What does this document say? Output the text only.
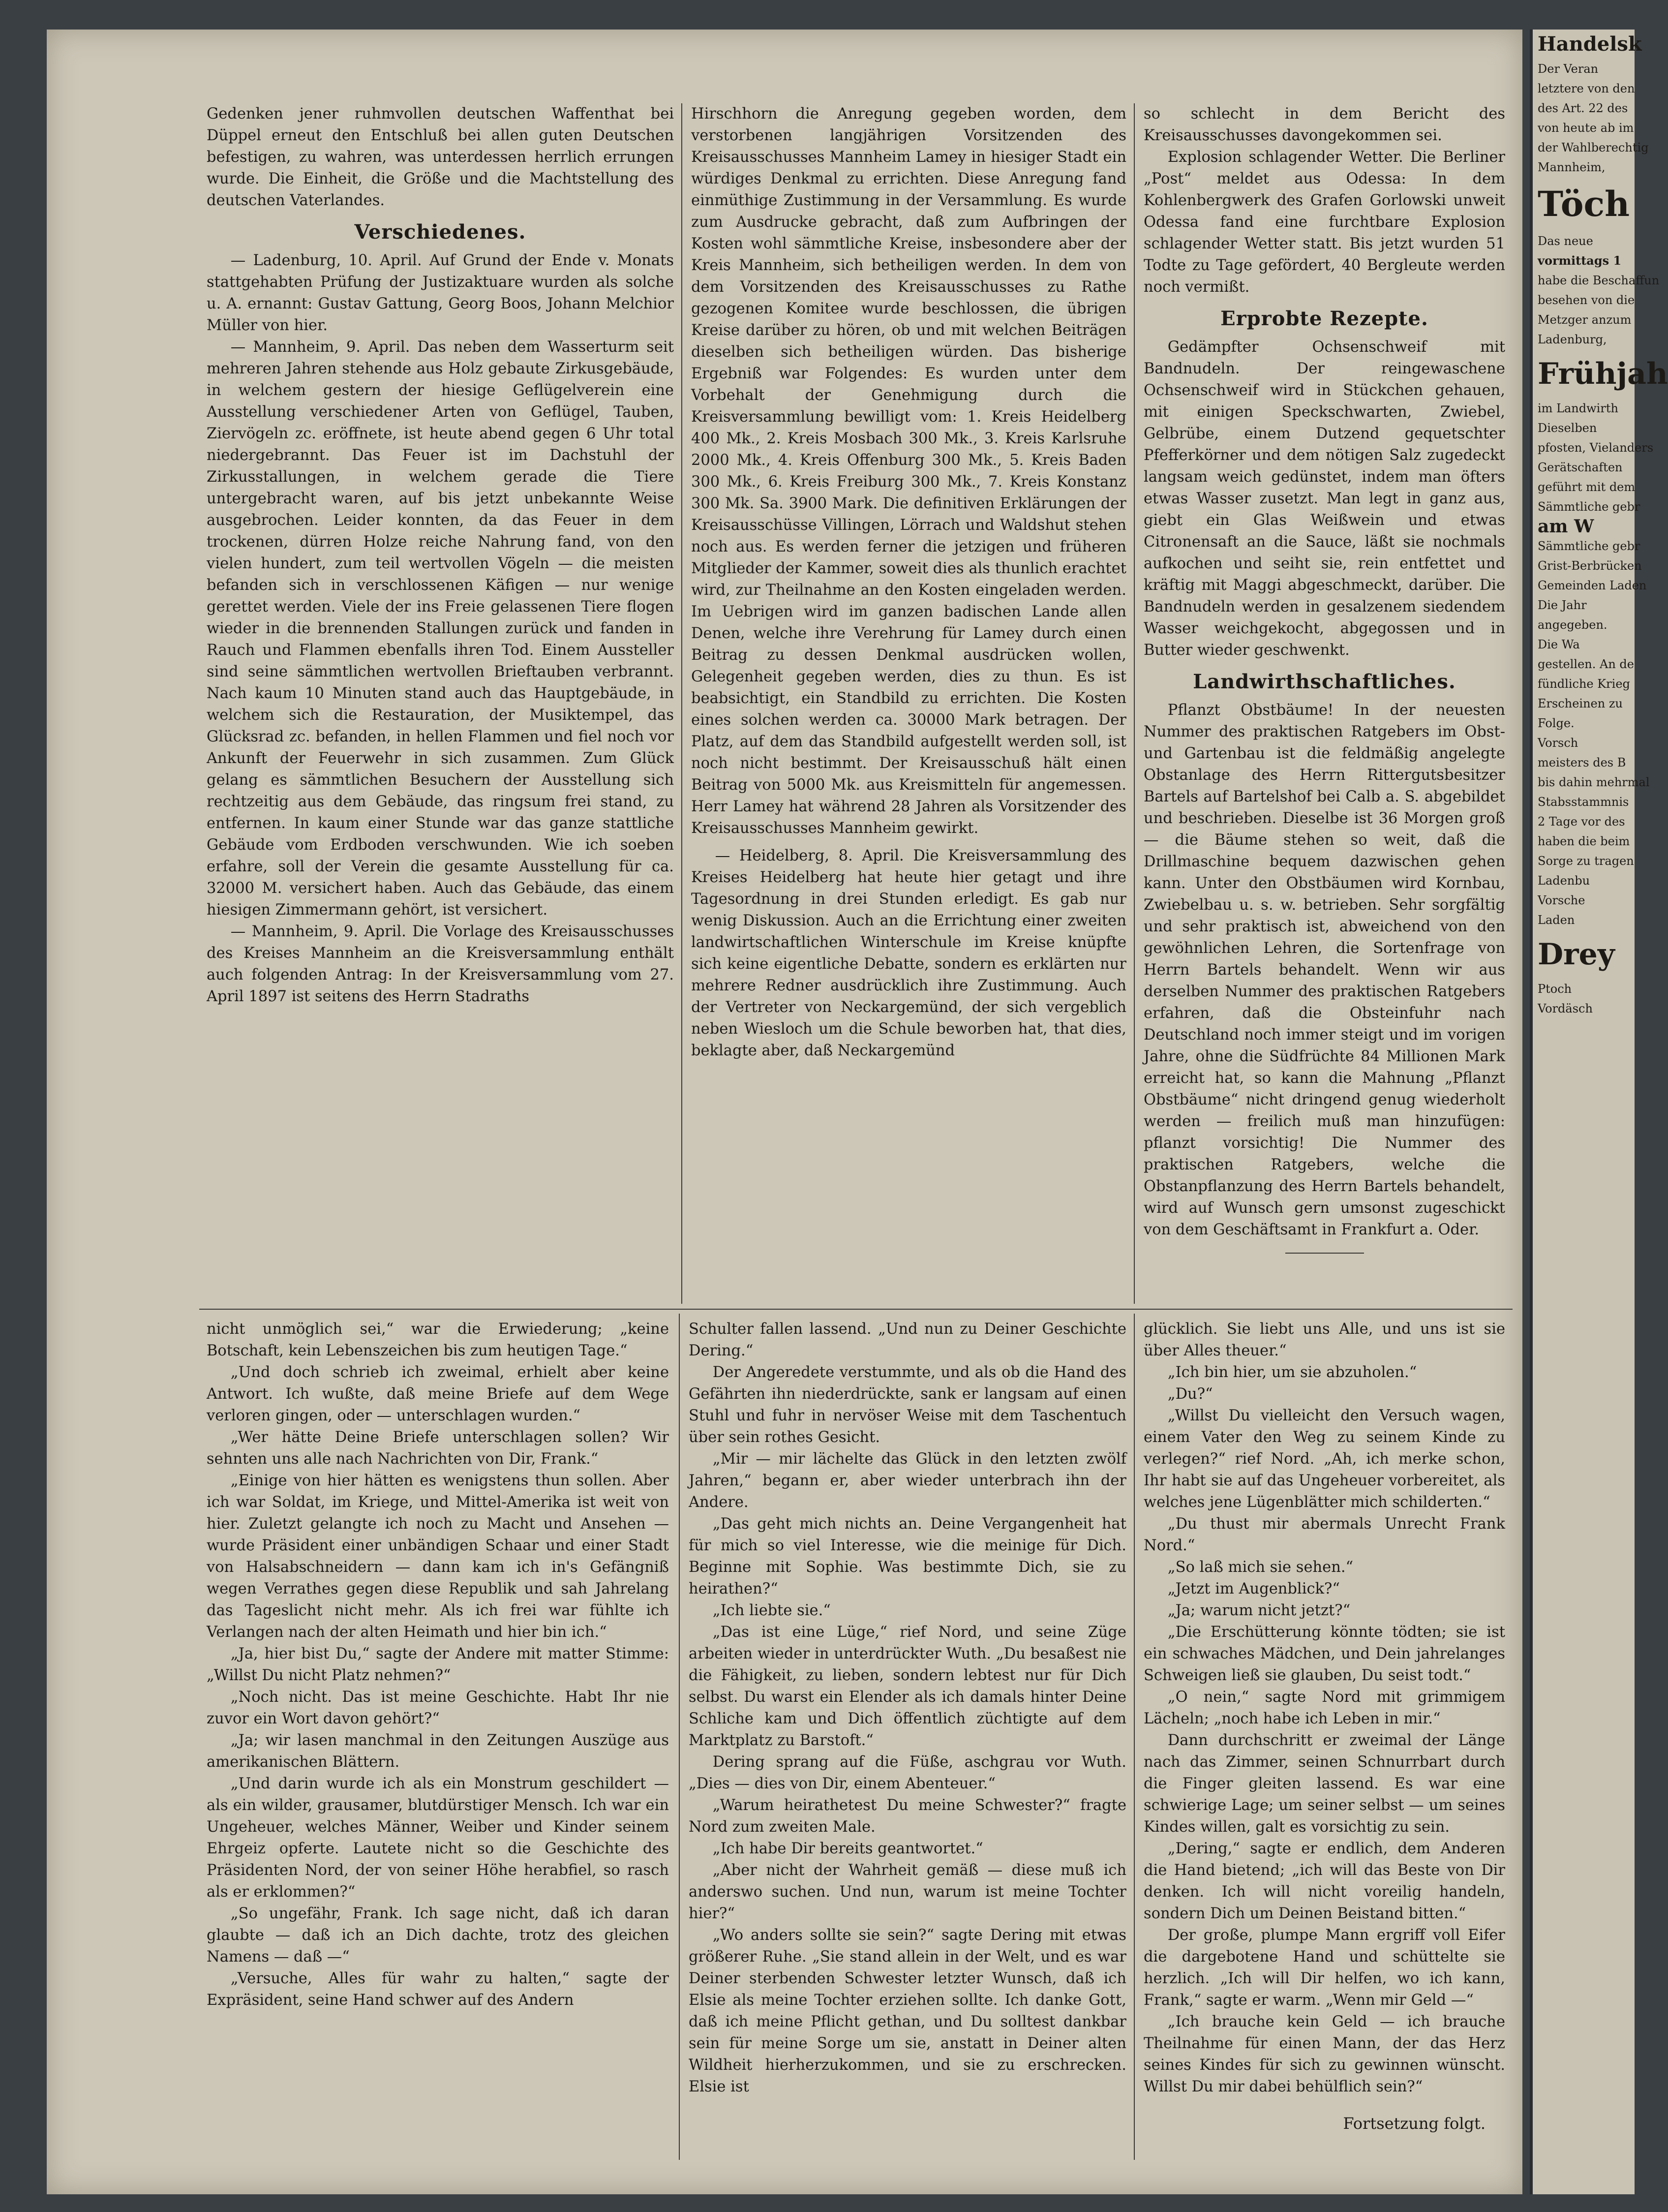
Gedenken jener ruhmvollen deutschen Waffenthat bei Düppel erneut den Entschluß bei allen guten Deutschen befestigen, zu wahren, was unterdessen herrlich errungen wurde. Die Einheit, die Größe und die Machtstellung des deutschen Vaterlandes.

Verschiedenes.

— Ladenburg, 10. April. Auf Grund der Ende v. Monats stattgehabten Prüfung der Justizaktuare wurden als solche u. A. ernannt: Gustav Gattung, Georg Boos, Johann Melchior Müller von hier.

— Mannheim, 9. April. Das neben dem Wasserturm seit mehreren Jahren stehende aus Holz gebaute Zirkusgebäude, in welchem gestern der hiesige Geflügelverein eine Ausstellung verschiedener Arten von Geflügel, Tauben, Ziervögeln zc. eröffnete, ist heute abend gegen 6 Uhr total niedergebrannt. Das Feuer ist im Dachstuhl der Zirkusstallungen, in welchem gerade die Tiere untergebracht waren, auf bis jetzt unbekannte Weise ausgebrochen. Leider konnten, da das Feuer in dem trockenen, dürren Holze reiche Nahrung fand, von den vielen hundert, zum teil wertvollen Vögeln — die meisten befanden sich in verschlossenen Käfigen — nur wenige gerettet werden. Viele der ins Freie gelassenen Tiere flogen wieder in die brennenden Stallungen zurück und fanden in Rauch und Flammen ebenfalls ihren Tod. Einem Aussteller sind seine sämmtlichen wertvollen Brieftauben verbrannt. Nach kaum 10 Minuten stand auch das Hauptgebäude, in welchem sich die Restauration, der Musiktempel, das Glücksrad zc. befanden, in hellen Flammen und fiel noch vor Ankunft der Feuerwehr in sich zusammen. Zum Glück gelang es sämmtlichen Besuchern der Ausstellung sich rechtzeitig aus dem Gebäude, das ringsum frei stand, zu entfernen. In kaum einer Stunde war das ganze stattliche Gebäude vom Erdboden verschwunden. Wie ich soeben erfahre, soll der Verein die gesamte Ausstellung für ca. 32000 M. versichert haben. Auch das Gebäude, das einem hiesigen Zimmermann gehört, ist versichert.

— Mannheim, 9. April. Die Vorlage des Kreisausschusses des Kreises Mannheim an die Kreisversammlung enthält auch folgenden Antrag: In der Kreisversammlung vom 27. April 1897 ist seitens des Herrn Stadraths

Hirschhorn die Anregung gegeben worden, dem verstorbenen langjährigen Vorsitzenden des Kreisausschusses Mannheim Lamey in hiesiger Stadt ein würdiges Denkmal zu errichten. Diese Anregung fand einmüthige Zustimmung in der Versammlung. Es wurde zum Ausdrucke gebracht, daß zum Aufbringen der Kosten wohl sämmtliche Kreise, insbesondere aber der Kreis Mannheim, sich betheiligen werden. In dem von dem Vorsitzenden des Kreisausschusses zu Rathe gezogenen Komitee wurde beschlossen, die übrigen Kreise darüber zu hören, ob und mit welchen Beiträgen dieselben sich betheiligen würden. Das bisherige Ergebniß war Folgendes: Es wurden unter dem Vorbehalt der Genehmigung durch die Kreisversammlung bewilligt vom: 1. Kreis Heidelberg 400 Mk., 2. Kreis Mosbach 300 Mk., 3. Kreis Karlsruhe 2000 Mk., 4. Kreis Offenburg 300 Mk., 5. Kreis Baden 300 Mk., 6. Kreis Freiburg 300 Mk., 7. Kreis Konstanz 300 Mk. Sa. 3900 Mark. Die definitiven Erklärungen der Kreisausschüsse Villingen, Lörrach und Waldshut stehen noch aus. Es werden ferner die jetzigen und früheren Mitglieder der Kammer, soweit dies als thunlich erachtet wird, zur Theilnahme an den Kosten eingeladen werden. Im Uebrigen wird im ganzen badischen Lande allen Denen, welche ihre Verehrung für Lamey durch einen Beitrag zu dessen Denkmal ausdrücken wollen, Gelegenheit gegeben werden, dies zu thun. Es ist beabsichtigt, ein Standbild zu errichten. Die Kosten eines solchen werden ca. 30000 Mark betragen. Der Platz, auf dem das Standbild aufgestellt werden soll, ist noch nicht bestimmt. Der Kreisausschuß hält einen Beitrag von 5000 Mk. aus Kreismitteln für angemessen. Herr Lamey hat während 28 Jahren als Vorsitzender des Kreisausschusses Mannheim gewirkt.

— Heidelberg, 8. April. Die Kreisversammlung des Kreises Heidelberg hat heute hier getagt und ihre Tagesordnung in drei Stunden erledigt. Es gab nur wenig Diskussion. Auch an die Errichtung einer zweiten landwirtschaftlichen Winterschule im Kreise knüpfte sich keine eigentliche Debatte, sondern es erklärten nur mehrere Redner ausdrücklich ihre Zustimmung. Auch der Vertreter von Neckargemünd, der sich vergeblich neben Wiesloch um die Schule beworben hat, that dies, beklagte aber, daß Neckargemünd

so schlecht in dem Bericht des Kreisausschusses davongekommen sei.

Explosion schlagender Wetter. Die Berliner „Post“ meldet aus Odessa: In dem Kohlenbergwerk des Grafen Gorlowski unweit Odessa fand eine furchtbare Explosion schlagender Wetter statt. Bis jetzt wurden 51 Todte zu Tage gefördert, 40 Bergleute werden noch vermißt.

Erprobte Rezepte.

Gedämpfter Ochsenschweif mit Bandnudeln. Der reingewaschene Ochsenschweif wird in Stückchen gehauen, mit einigen Speckschwarten, Zwiebel, Gelbrübe, einem Dutzend gequetschter Pfefferkörner und dem nötigen Salz zugedeckt langsam weich gedünstet, indem man öfters etwas Wasser zusetzt. Man legt in ganz aus, giebt ein Glas Weißwein und etwas Citronensaft an die Sauce, läßt sie nochmals aufkochen und seiht sie, rein entfettet und kräftig mit Maggi abgeschmeckt, darüber. Die Bandnudeln werden in gesalzenem siedendem Wasser weichgekocht, abgegossen und in Butter wieder geschwenkt.

Landwirthschaftliches.

Pflanzt Obstbäume! In der neuesten Nummer des praktischen Ratgebers im Obst- und Gartenbau ist die feldmäßig angelegte Obstanlage des Herrn Rittergutsbesitzer Bartels auf Bartelshof bei Calb a. S. abgebildet und beschrieben. Dieselbe ist 36 Morgen groß — die Bäume stehen so weit, daß die Drillmaschine bequem dazwischen gehen kann. Unter den Obstbäumen wird Kornbau, Zwiebelbau u. s. w. betrieben. Sehr sorgfältig und sehr praktisch ist, abweichend von den gewöhnlichen Lehren, die Sortenfrage von Herrn Bartels behandelt. Wenn wir aus derselben Nummer des praktischen Ratgebers erfahren, daß die Obsteinfuhr nach Deutschland noch immer steigt und im vorigen Jahre, ohne die Südfrüchte 84 Millionen Mark erreicht hat, so kann die Mahnung „Pflanzt Obstbäume“ nicht dringend genug wiederholt werden — freilich muß man hinzufügen: pflanzt vorsichtig! Die Nummer des praktischen Ratgebers, welche die Obstanpflanzung des Herrn Bartels behandelt, wird auf Wunsch gern umsonst zugeschickt von dem Geschäftsamt in Frankfurt a. Oder.

nicht unmöglich sei,“ war die Erwiederung; „keine Botschaft, kein Lebenszeichen bis zum heutigen Tage.“

„Und doch schrieb ich zweimal, erhielt aber keine Antwort. Ich wußte, daß meine Briefe auf dem Wege verloren gingen, oder — unterschlagen wurden.“

„Wer hätte Deine Briefe unterschlagen sollen? Wir sehnten uns alle nach Nachrichten von Dir, Frank.“

„Einige von hier hätten es wenigstens thun sollen. Aber ich war Soldat, im Kriege, und Mittel-Amerika ist weit von hier. Zuletzt gelangte ich noch zu Macht und Ansehen — wurde Präsident einer unbändigen Schaar und einer Stadt von Halsabschneidern — dann kam ich in's Gefängniß wegen Verrathes gegen diese Republik und sah Jahrelang das Tageslicht nicht mehr. Als ich frei war fühlte ich Verlangen nach der alten Heimath und hier bin ich.“

„Ja, hier bist Du,“ sagte der Andere mit matter Stimme: „Willst Du nicht Platz nehmen?“

„Noch nicht. Das ist meine Geschichte. Habt Ihr nie zuvor ein Wort davon gehört?“

„Ja; wir lasen manchmal in den Zeitungen Auszüge aus amerikanischen Blättern.

„Und darin wurde ich als ein Monstrum geschildert — als ein wilder, grausamer, blutdürstiger Mensch. Ich war ein Ungeheuer, welches Männer, Weiber und Kinder seinem Ehrgeiz opferte. Lautete nicht so die Geschichte des Präsidenten Nord, der von seiner Höhe herabfiel, so rasch als er erklommen?“

„So ungefähr, Frank. Ich sage nicht, daß ich daran glaubte — daß ich an Dich dachte, trotz des gleichen Namens — daß —“

„Versuche, Alles für wahr zu halten,“ sagte der Expräsident, seine Hand schwer auf des Andern

Schulter fallen lassend. „Und nun zu Deiner Geschichte Dering.“

Der Angeredete verstummte, und als ob die Hand des Gefährten ihn niederdrückte, sank er langsam auf einen Stuhl und fuhr in nervöser Weise mit dem Taschentuch über sein rothes Gesicht.

„Mir — mir lächelte das Glück in den letzten zwölf Jahren,“ begann er, aber wieder unterbrach ihn der Andere.

„Das geht mich nichts an. Deine Vergangenheit hat für mich so viel Interesse, wie die meinige für Dich. Beginne mit Sophie. Was bestimmte Dich, sie zu heirathen?“

„Ich liebte sie.“

„Das ist eine Lüge,“ rief Nord, und seine Züge arbeiten wieder in unterdrückter Wuth. „Du besaßest nie die Fähigkeit, zu lieben, sondern lebtest nur für Dich selbst. Du warst ein Elender als ich damals hinter Deine Schliche kam und Dich öffentlich züchtigte auf dem Marktplatz zu Barstoft.“

Dering sprang auf die Füße, aschgrau vor Wuth. „Dies — dies von Dir, einem Abenteuer.“

„Warum heirathetest Du meine Schwester?“ fragte Nord zum zweiten Male.

„Ich habe Dir bereits geantwortet.“

„Aber nicht der Wahrheit gemäß — diese muß ich anderswo suchen. Und nun, warum ist meine Tochter hier?“

„Wo anders sollte sie sein?“ sagte Dering mit etwas größerer Ruhe. „Sie stand allein in der Welt, und es war Deiner sterbenden Schwester letzter Wunsch, daß ich Elsie als meine Tochter erziehen sollte. Ich danke Gott, daß ich meine Pflicht gethan, und Du solltest dankbar sein für meine Sorge um sie, anstatt in Deiner alten Wildheit hierherzukommen, und sie zu erschrecken. Elsie ist

glücklich. Sie liebt uns Alle, und uns ist sie über Alles theuer.“

„Ich bin hier, um sie abzuholen.“

„Du?“

„Willst Du vielleicht den Versuch wagen, einem Vater den Weg zu seinem Kinde zu verlegen?“ rief Nord. „Ah, ich merke schon, Ihr habt sie auf das Ungeheuer vorbereitet, als welches jene Lügenblätter mich schilderten.“

„Du thust mir abermals Unrecht Frank Nord.“

„So laß mich sie sehen.“

„Jetzt im Augenblick?“

„Ja; warum nicht jetzt?“

„Die Erschütterung könnte tödten; sie ist ein schwaches Mädchen, und Dein jahrelanges Schweigen ließ sie glauben, Du seist todt.“

„O nein,“ sagte Nord mit grimmigem Lächeln; „noch habe ich Leben in mir.“

Dann durchschritt er zweimal der Länge nach das Zimmer, seinen Schnurrbart durch die Finger gleiten lassend. Es war eine schwierige Lage; um seiner selbst — um seines Kindes willen, galt es vorsichtig zu sein.

„Dering,“ sagte er endlich, dem Anderen die Hand bietend; „ich will das Beste von Dir denken. Ich will nicht voreilig handeln, sondern Dich um Deinen Beistand bitten.“

Der große, plumpe Mann ergriff voll Eifer die dargebotene Hand und schüttelte sie herzlich. „Ich will Dir helfen, wo ich kann, Frank,“ sagte er warm. „Wenn mir Geld —“

„Ich brauche kein Geld — ich brauche Theilnahme für einen Mann, der das Herz seines Kindes für sich zu gewinnen wünscht. Willst Du mir dabei behülflich sein?“

Fortsetzung folgt.

Handelsk

Der Veran

letztere von den

des Art. 22 des

von heute ab im

der Wahlberechtig

Mannheim,

Töch

Das neue

vormittags 1

habe die Beschaffun

besehen von die

Metzger anzum

Ladenburg,

Frühjah

im Landwirth

Dieselben

pfosten, Vielanders

Gerätschaften

geführt mit dem

Sämmtliche gebr

am W

Sämmtliche gebr

Grist-Berbrücken

Gemeinden Laden

Die Jahr

angegeben.

Die Wa

gestellen. An de

fündliche Krieg

Erscheinen zu

Folge.

Vorsch

meisters des B

bis dahin mehrmal

Stabsstammnis

2 Tage vor des

haben die beim

Sorge zu tragen

Ladenbu

Vorsche

Laden

Drey

Ptoch

Vordäsch
